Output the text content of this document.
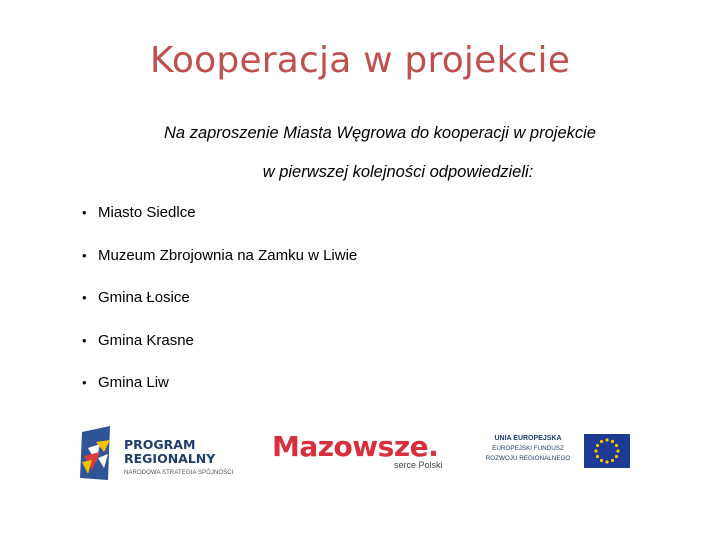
Kooperacja w projekcie
Na zaproszenie Miasta Węgrowa do kooperacji w projekcie
w pierwszej kolejności odpowiedzieli:
• Miasto Siedlce
• Muzeum Zbrojownia na Zamku w Liwie
• Gmina Łosice
• Gmina Krasne
• Gmina Liw
PROGRAM
REGIONALNY
NARODOWA STRATEGIA SPÓJNOŚCI
Mazowsze.
serce Polski
UNIA EUROPEJSKA
EUROPEJSKI FUNDUSZ
ROZWOJU REGIONALNEGO
